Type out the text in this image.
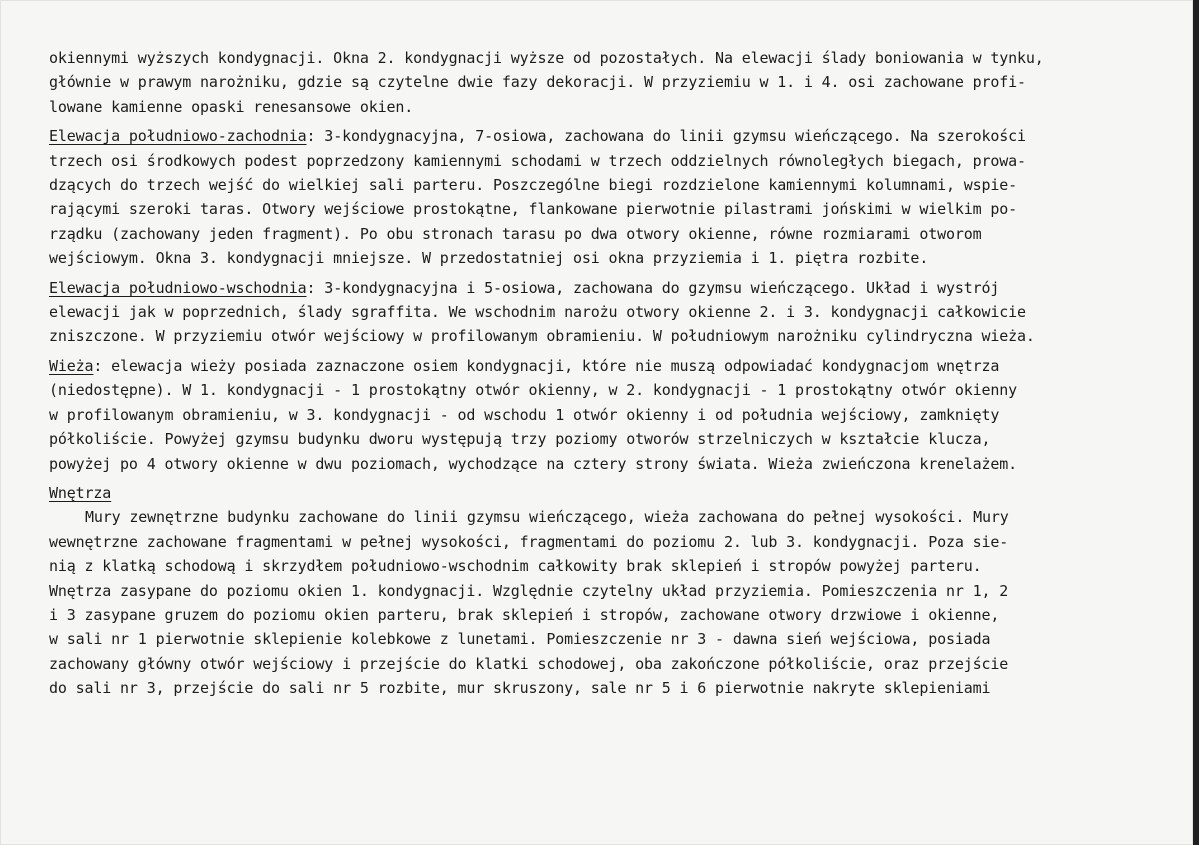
okiennymi wyższych kondygnacji. Okna 2. kondygnacji wyższe od pozostałych. Na elewacji ślady boniowania w tynku,
głównie w prawym narożniku, gdzie są czytelne dwie fazy dekoracji. W przyziemiu w 1. i 4. osi zachowane profi-
lowane kamienne opaski renesansowe okien.
Elewacja południowo-zachodnia: 3-kondygnacyjna, 7-osiowa, zachowana do linii gzymsu wieńczącego. Na szerokości
trzech osi środkowych podest poprzedzony kamiennymi schodami w trzech oddzielnych równoległych biegach, prowa-
dzących do trzech wejść do wielkiej sali parteru. Poszczególne biegi rozdzielone kamiennymi kolumnami, wspie-
rającymi szeroki taras. Otwory wejściowe prostokątne, flankowane pierwotnie pilastrami jońskimi w wielkim po-
rządku (zachowany jeden fragment). Po obu stronach tarasu po dwa otwory okienne, równe rozmiarami otworom
wejściowym. Okna 3. kondygnacji mniejsze. W przedostatniej osi okna przyziemia i 1. piętra rozbite.
Elewacja południowo-wschodnia: 3-kondygnacyjna i 5-osiowa, zachowana do gzymsu wieńczącego. Układ i wystrój
elewacji jak w poprzednich, ślady sgraffita. We wschodnim narożu otwory okienne 2. i 3. kondygnacji całkowicie
zniszczone. W przyziemiu otwór wejściowy w profilowanym obramieniu. W południowym narożniku cylindryczna wieża.
Wieża: elewacja wieży posiada zaznaczone osiem kondygnacji, które nie muszą odpowiadać kondygnacjom wnętrza
(niedostępne). W 1. kondygnacji - 1 prostokątny otwór okienny, w 2. kondygnacji - 1 prostokątny otwór okienny
w profilowanym obramieniu, w 3. kondygnacji - od wschodu 1 otwór okienny i od południa wejściowy, zamknięty
półkoliście. Powyżej gzymsu budynku dworu występują trzy poziomy otworów strzelniczych w kształcie klucza,
powyżej po 4 otwory okienne w dwu poziomach, wychodzące na cztery strony świata. Wieża zwieńczona krenelażem.
Wnętrza
Mury zewnętrzne budynku zachowane do linii gzymsu wieńczącego, wieża zachowana do pełnej wysokości. Mury
wewnętrzne zachowane fragmentami w pełnej wysokości, fragmentami do poziomu 2. lub 3. kondygnacji. Poza sie-
nią z klatką schodową i skrzydłem południowo-wschodnim całkowity brak sklepień i stropów powyżej parteru.
Wnętrza zasypane do poziomu okien 1. kondygnacji. Względnie czytelny układ przyziemia. Pomieszczenia nr 1, 2
i 3 zasypane gruzem do poziomu okien parteru, brak sklepień i stropów, zachowane otwory drzwiowe i okienne,
w sali nr 1 pierwotnie sklepienie kolebkowe z lunetami. Pomieszczenie nr 3 - dawna sień wejściowa, posiada
zachowany główny otwór wejściowy i przejście do klatki schodowej, oba zakończone półkoliście, oraz przejście
do sali nr 3, przejście do sali nr 5 rozbite, mur skruszony, sale nr 5 i 6 pierwotnie nakryte sklepieniami
